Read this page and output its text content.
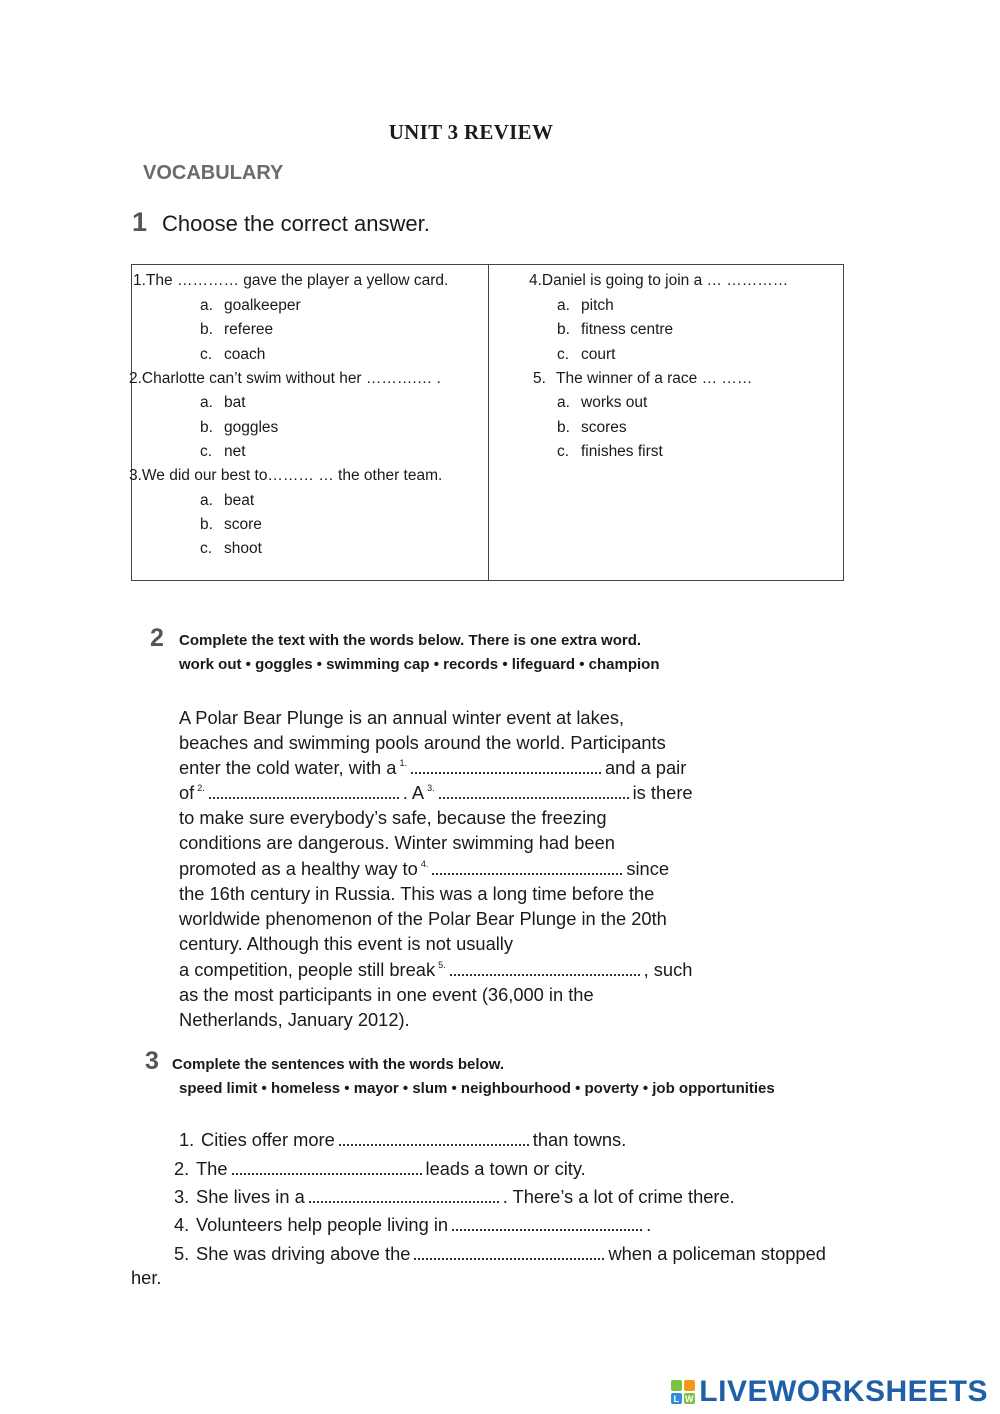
UNIT 3 REVIEW
VOCABULARY
1 Choose the correct answer.
1.The ………… gave the player a yellow card.
a. goalkeeper
b. referee
c. coach
2.Charlotte can’t swim without her ……….… .
a. bat
b. goggles
c. net
3.We did our best to……… … the other team.
a. beat
b. score
c. shoot
4.Daniel is going to join a … …………
a. pitch
b. fitness centre
c. court
5. The winner of a race … ……
a. works out
b. scores
c. finishes first
2 Complete the text with the words below. There is one extra word.
work out • goggles • swimming cap • records • lifeguard • champion
A Polar Bear Plunge is an annual winter event at lakes,
beaches and swimming pools around the world. Participants
enter the cold water, with a $^{1.}$	and a pair
of $^{2.}$	. A $^{3.}$	is there
to make sure everybody’s safe, because the freezing
conditions are dangerous. Winter swimming had been
promoted as a healthy way to $^{4.}$	since
the 16th century in Russia. This was a long time before the
worldwide phenomenon of the Polar Bear Plunge in the 20th
century. Although this event is not usually
a competition, people still break $^{5.}$	, such
as the most participants in one event (36,000 in the
Netherlands, January 2012).
3 Complete the sentences with the words below.
speed limit • homeless • mayor • slum • neighbourhood • poverty • job opportunities
1. Cities offer more	than towns.
2. The	leads a town or city.
3. She lives in a	. There’s a lot of crime there.
4. Volunteers help people living in	.
5. She was driving above the	when a policeman stopped
her.
L W LIVEWORKSHEETS
